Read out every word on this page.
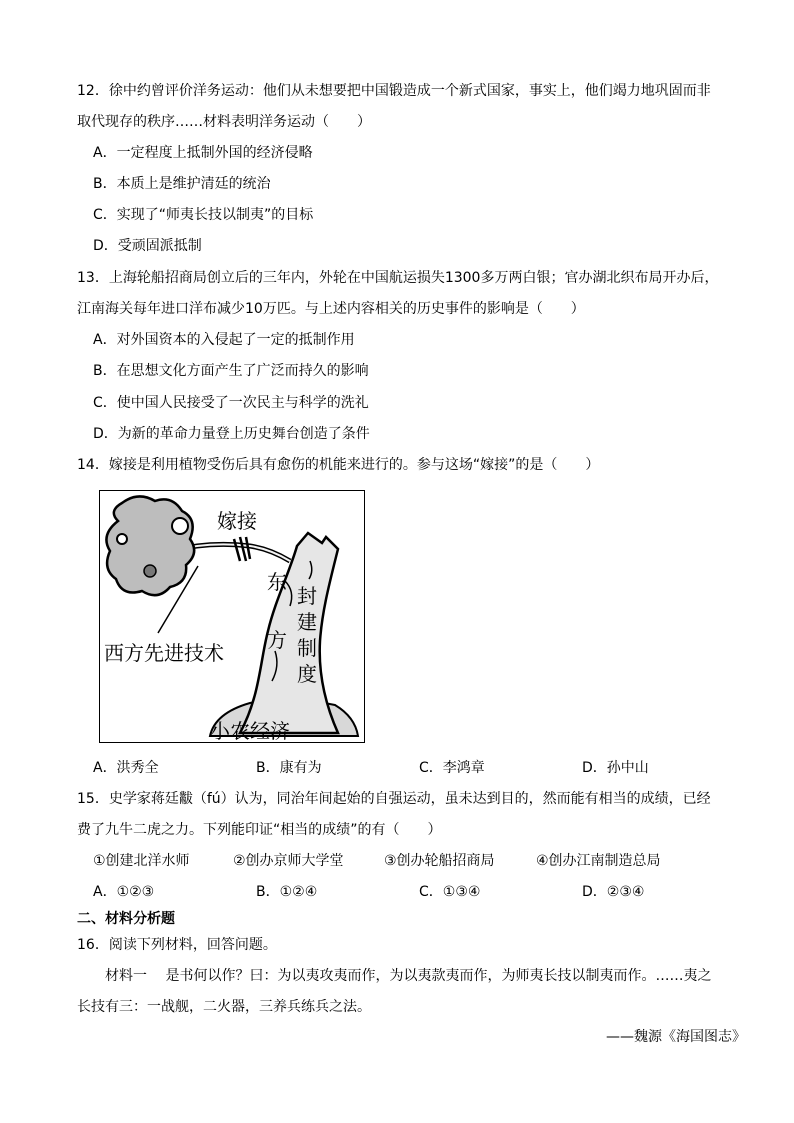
12．徐中约曾评价洋务运动：他们从未想要把中国锻造成一个新式国家，事实上，他们竭力地巩固而非
取代现存的秩序……材料表明洋务运动（　　）
A．一定程度上抵制外国的经济侵略
B．本质上是维护清廷的统治
C．实现了“师夷长技以制夷”的目标
D．受顽固派抵制
13．上海轮船招商局创立后的三年内，外轮在中国航运损失1300多万两白银；官办湖北织布局开办后，
江南海关每年进口洋布减少10万匹。与上述内容相关的历史事件的影响是（　　）
A．对外国资本的入侵起了一定的抵制作用
B．在思想文化方面产生了广泛而持久的影响
C．使中国人民接受了一次民主与科学的洗礼
D．为新的革命力量登上历史舞台创造了条件
14．嫁接是利用植物受伤后具有愈伤的机能来进行的。参与这场“嫁接”的是（　　）
嫁接
西方先进技术
东
方
封
建
制
度
小农经济
A．洪秀全	B．康有为	C．李鸿章	D．孙中山
15．史学家蒋廷黻（fú）认为，同治年间起始的自强运动，虽未达到目的，然而能有相当的成绩，已经
费了九牛二虎之力。下列能印证“相当的成绩”的有（　　）
①创建北洋水师	②创办京师大学堂	③创办轮船招商局	④创办江南制造总局
A．①②③	B．①②④	C．①③④	D．②③④
二、材料分析题
16．阅读下列材料，回答问题。
材料一　 是书何以作？曰：为以夷攻夷而作，为以夷款夷而作，为师夷长技以制夷而作。……夷之
长技有三：一战舰，二火器，三养兵练兵之法。
——魏源《海国图志》
